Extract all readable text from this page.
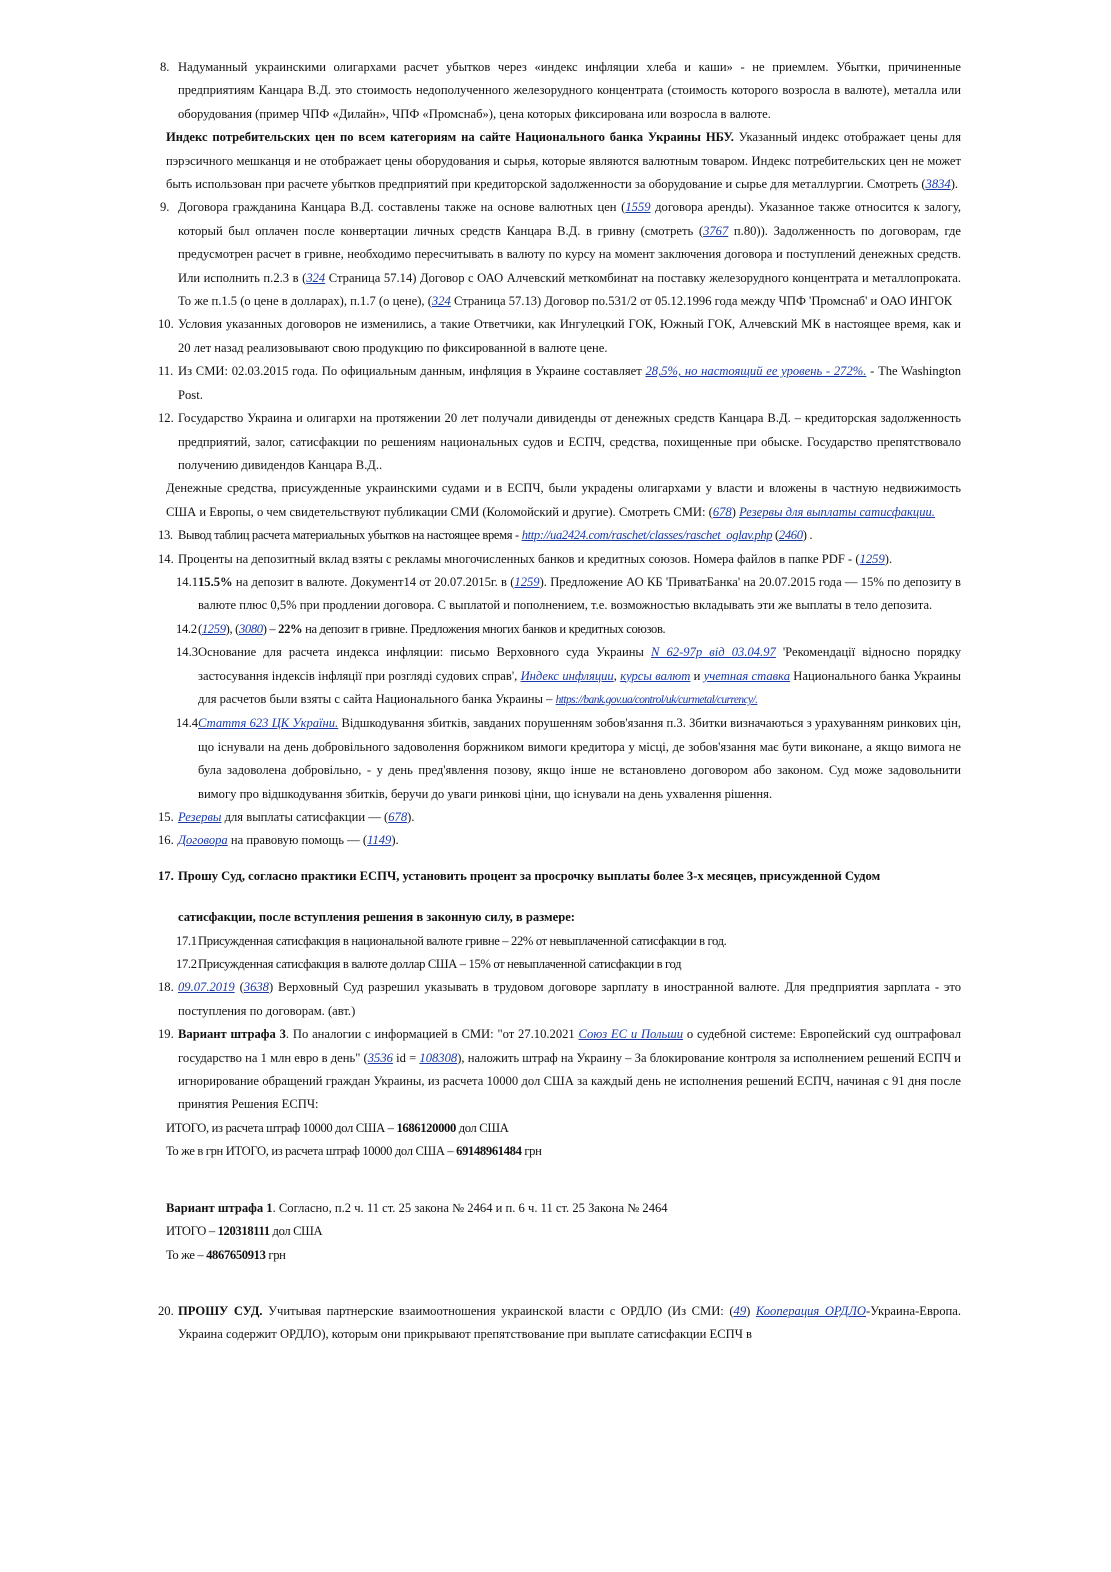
8. Надуманный украинскими олигархами расчет убытков через «индекс инфляции хлеба и каши» - не приемлем. Убытки, причиненные предприятиям Канцара В.Д. это стоимость недополученного железорудного концентрата (стоимость которого возросла в валюте), металла или оборудования (пример ЧПФ «Дилайн», ЧПФ «Промснаб»), цена которых фиксирована или возросла в валюте.
Индекс потребительских цен по всем категориям на сайте Национального банка Украины НБУ. Указанный индекс отображает цены для пэрэсичного мешканця и не отображает цены оборудования и сырья, которые являются валютным товаром. Индекс потребительских цен не может быть использован при расчете убытков предприятий при кредиторской задолженности за оборудование и сырье для металлургии. Смотреть (3834).
9. Договора гражданина Канцара В.Д. составлены также на основе валютных цен (1559 договора аренды). Указанное также относится к залогу, который был оплачен после конвертации личных средств Канцара В.Д. в гривну (смотреть (3767 п.80)). Задолженность по договорам, где предусмотрен расчет в гривне, необходимо пересчитывать в валюту по курсу на момент заключения договора и поступлений денежных средств. Или исполнить п.2.3 в (324 Страница 57.14) Договор с ОАО Алчевский меткомбинат на поставку железорудного концентрата и металлопроката. То же п.1.5 (о цене в долларах), п.1.7 (о цене), (324 Страница 57.13) Договор по.531/2 от 05.12.1996 года между ЧПФ 'Промснаб' и ОАО ИНГОК
10. Условия указанных договоров не изменились, а такие Ответчики, как Ингулецкий ГОК, Южный ГОК, Алчевский МК в настоящее время, как и 20 лет назад реализовывают свою продукцию по фиксированной в валюте цене.
11. Из СМИ: 02.03.2015 года. По официальным данным, инфляция в Украине составляет 28,5%, но настоящий ее уровень - 272%. - The Washington Post.
12. Государство Украина и олигархи на протяжении 20 лет получали дивиденды от денежных средств Канцара В.Д. – кредиторская задолженность предприятий, залог, сатисфакции по решениям национальных судов и ЕСПЧ, средства, похищенные при обыске. Государство препятствовало получению дивидендов Канцара В.Д..
Денежные средства, присужденные украинскими судами и в ЕСПЧ, были украдены олигархами у власти и вложены в частную недвижимость США и Европы, о чем свидетельствуют публикации СМИ (Коломойский и другие). Смотреть СМИ: (678) Резервы для выплаты сатисфакции.
13. Вывод таблиц расчета материальных убытков на настоящее время - http://ua2424.com/raschet/classes/raschet_oglav.php (2460) .
14. Проценты на депозитный вклад взяты с рекламы многочисленных банков и кредитных союзов. Номера файлов в папке PDF - (1259).
14.1 15.5% на депозит в валюте. Документ14 от 20.07.2015г. в (1259). Предложение АО КБ 'ПриватБанка' на 20.07.2015 года — 15% по депозиту в валюте плюс 0,5% при продлении договора. С выплатой и пополнением, т.е. возможностью вкладывать эти же выплаты в тело депозита.
14.2 (1259), (3080) – 22% на депозит в гривне. Предложения многих банков и кредитных союзов.
14.3 Основание для расчета индекса инфляции: письмо Верховного суда Украины N 62-97р від 03.04.97 'Рекомендації відносно порядку застосування індексів інфляції при розгляді судових справ', Индекс инфляции, курсы валют и учетная ставка Национального банка Украины для расчетов были взяты с сайта Национального банка Украины – https://bank.gov.ua/control/uk/curmetal/currency/.
14.4 Стаття 623 ЦК України. Відшкодування збитків, завданих порушенням зобов'язання п.3. Збитки визначаються з урахуванням ринкових цін, що існували на день добровільного задоволення боржником вимоги кредитора у місці, де зобов'язання має бути виконане, а якщо вимога не була задоволена добровільно, - у день пред'явлення позову, якщо інше не встановлено договором або законом. Суд може задовольнити вимогу про відшкодування збитків, беручи до уваги ринкові ціни, що існували на день ухвалення рішення.
15. Резервы для выплаты сатисфакции — (678).
16. Договора на правовую помощь — (1149).
17. Прошу Суд, согласно практики ЕСПЧ, установить процент за просрочку выплаты более 3-х месяцев, присужденной Судом
сатисфакции, после вступления решения в законную силу, в размере:
17.1 Присужденная сатисфакция в национальной валюте гривне – 22% от невыплаченной сатисфакции в год.
17.2 Присужденная сатисфакция в валюте доллар США – 15% от невыплаченной сатисфакции в год
18. 09.07.2019 (3638) Верховный Суд разрешил указывать в трудовом договоре зарплату в иностранной валюте. Для предприятия зарплата - это поступления по договорам. (авт.)
19. Вариант штрафа 3. По аналогии с информацией в СМИ: "от 27.10.2021 Союз ЕС и Польши о судебной системе: Европейский суд оштрафовал государство на 1 млн евро в день" (3536 id = 108308), наложить штраф на Украину – За блокирование контроля за исполнением решений ЕСПЧ и игнорирование обращений граждан Украины, из расчета 10000 дол США за каждый день не исполнения решений ЕСПЧ, начиная с 91 дня после принятия Решения ЕСПЧ:
ИТОГО, из расчета штраф 10000 дол США – 1686120000 дол США
То же в грн ИТОГО, из расчета штраф 10000 дол США – 69148961484 грн
Вариант штрафа 1. Согласно, п.2 ч. 11 ст. 25 закона № 2464 и п. 6 ч. 11 ст. 25 Закона № 2464
ИТОГО – 120318111 дол США
То же – 4867650913 грн
20. ПРОШУ СУД. Учитывая партнерские взаимоотношения украинской власти с ОРДЛО (Из СМИ: (49) Кооперация ОРДЛО-Украина-Европа. Украина содержит ОРДЛО), которым они прикрывают препятствование при выплате сатисфакции ЕСПЧ в
